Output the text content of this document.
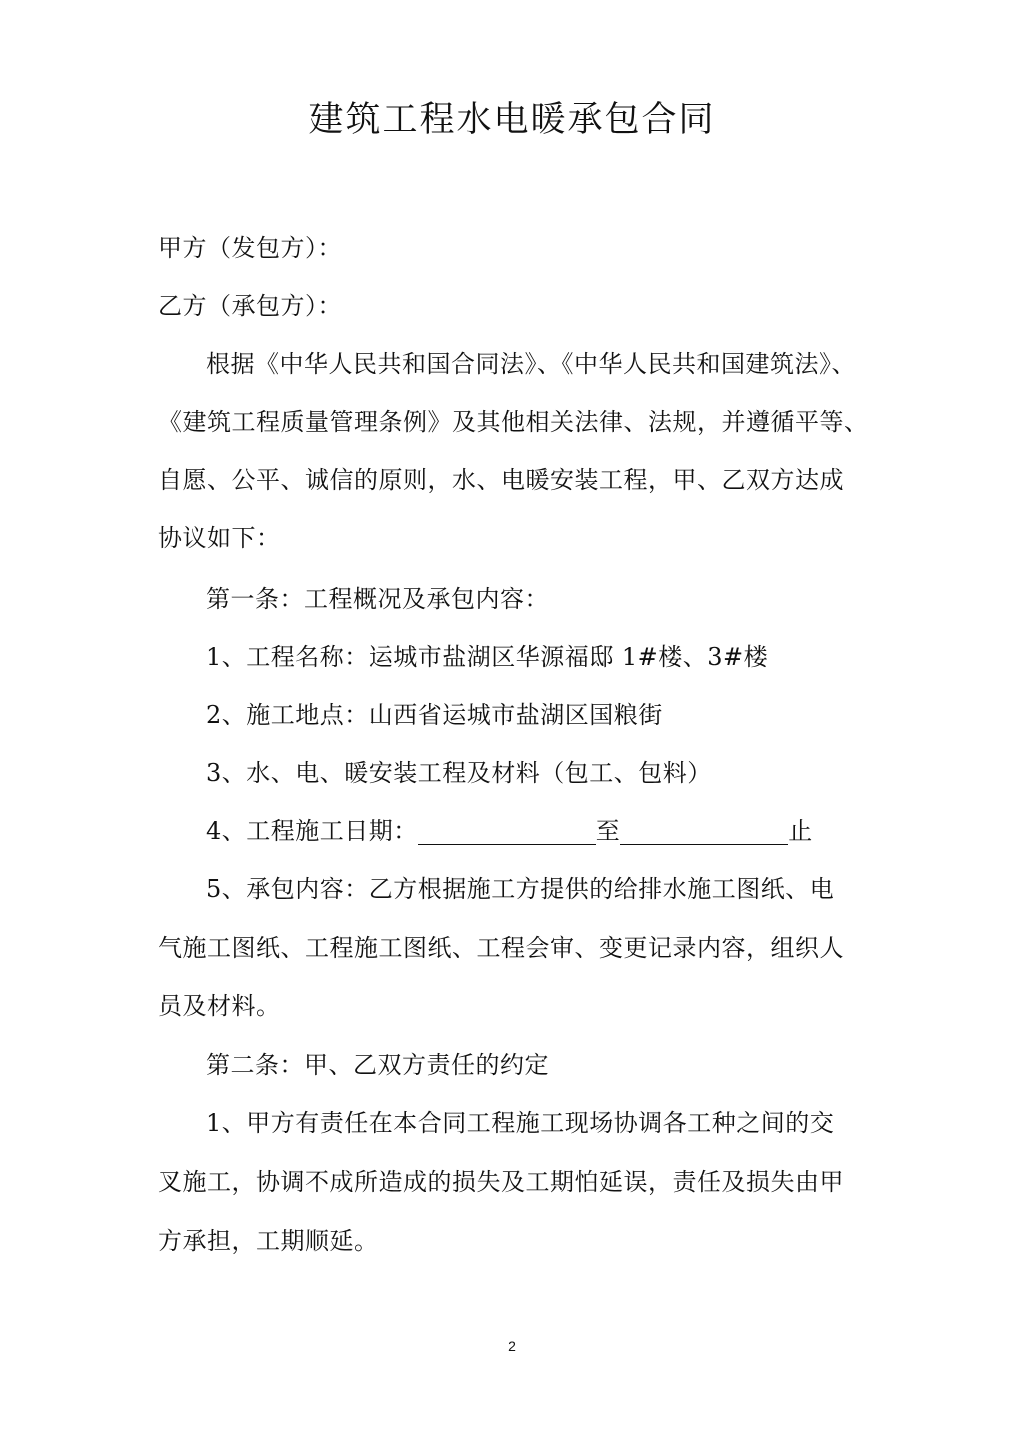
建筑工程水电暖承包合同
甲方（发包方）：
乙方（承包方）：
根据《中华人民共和国合同法》、《中华人民共和国建筑法》、
《建筑工程质量管理条例》及其他相关法律、法规，并遵循平等、
自愿、公平、诚信的原则，水、电暖安装工程，甲、乙双方达成
协议如下：
第一条：工程概况及承包内容：
1、工程名称：运城市盐湖区华源福邸 1#楼、3#楼
2、施工地点：山西省运城市盐湖区国粮街
3、水、电、暖安装工程及材料（包工、包料）
4、工程施工日期：	至	止
5、承包内容：乙方根据施工方提供的给排水施工图纸、电
气施工图纸、工程施工图纸、工程会审、变更记录内容，组织人
员及材料。
第二条：甲、乙双方责任的约定
1、甲方有责任在本合同工程施工现场协调各工种之间的交
叉施工，协调不成所造成的损失及工期怕延误，责任及损失由甲
方承担，工期顺延。
2
